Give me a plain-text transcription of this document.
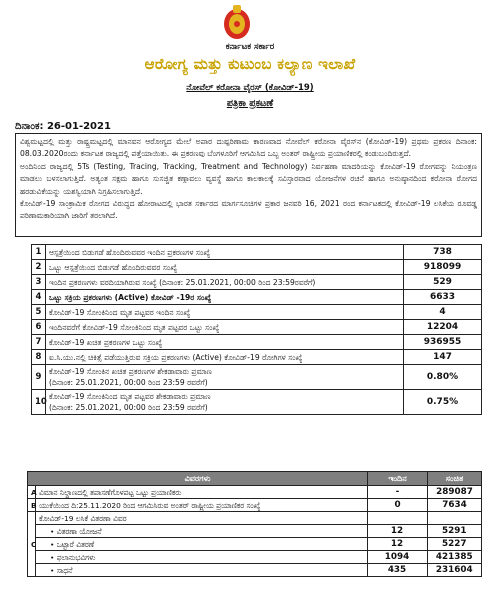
ಕರ್ನಾಟಕ ಸರ್ಕಾರ
ಆರೋಗ್ಯ ಮತ್ತು ಕುಟುಂಬ ಕಲ್ಯಾಣ ಇಲಾಖೆ
ನೋವೆಲ್ ಕರೋನಾ ವೈರಸ್ (ಕೋವಿಡ್-19)
ಪತ್ರಿಕಾ ಪ್ರಕಟಣೆ
ದಿನಾಂಕ: 26-01-2021

ವಿಶ್ವಮಟ್ಟದಲ್ಲಿ ಮತ್ತು ರಾಷ್ಟ್ರಮಟ್ಟದಲ್ಲಿ ಮಾನವನ ಆರೋಗ್ಯದ ಮೇಲೆ ಅಪಾರ ದುಷ್ಪರಿಣಾಮ ಕಾರಣವಾದ ನೋವೆಲ್ ಕರೋನಾ ವೈರಸ್‌ನ (ಕೋವಿಡ್-19) ಪ್ರಥಮ ಪ್ರಕರಣ ದಿನಾಂಕ: 08.03.2020ರಂದು ಕರ್ನಾಟಕ ರಾಜ್ಯದಲ್ಲಿ ಪತ್ತೆಯಾಯಿತು. ಈ ಪ್ರಕರಣವು ಬೆಂಗಳೂರಿಗೆ ಆಗಮಿಸಿದ ಒಬ್ಬ ಅಂತರ್ ರಾಷ್ಟ್ರೀಯ ಪ್ರಯಾಣಿಕರಲ್ಲಿ ಕಂಡುಬಂದಿರುತ್ತದೆ.

ಅಂದಿನಿಂದ ರಾಜ್ಯದಲ್ಲಿ 5Ts (Testing, Tracing, Tracking, Treatment and Technology) ನಿರ್ವಹಣಾ ಮಾದರಿಯನ್ನು ಕೋವಿಡ್-19 ರೋಗವನ್ನು ನಿಯಂತ್ರಣ ಮಾಡಲು ಬಳಸಲಾಗುತ್ತಿದೆ. ಅತ್ಯಂತ ಸಕ್ಷಮ ಹಾಗೂ ಸುಸಜ್ಜಿತ ಕಣ್ಗಾವಲು ವ್ಯವಸ್ಥೆ ಹಾಗೂ ಕಾಲಕಾಲಕ್ಕೆ ಸವಿಸ್ತಾರವಾದ ಯೋಜನೆಗಳ ರಚನೆ ಹಾಗೂ ಅನುಷ್ಠಾನದಿಂದ ಕರೋನಾ ರೋಗದ ಹರಡುವಿಕೆಯನ್ನು ಯಶಸ್ವಿಯಾಗಿ ನಿಗ್ರಹಿಸಲಾಗುತ್ತಿದೆ.

ಕೋವಿಡ್-19 ಸಾಂಕ್ರಾಮಿಕ ರೋಗದ ವಿರುದ್ಧದ ಹೋರಾಟದಲ್ಲಿ ಭಾರತ ಸರ್ಕಾರದ ಮಾರ್ಗಸೂಚಿಗಳ ಪ್ರಕಾರ ಜನವರಿ 16, 2021 ರಂದ ಕರ್ನಾಟಕದಲ್ಲಿ ಕೋವಿಡ್-19 ಲಸಿಕೆಯ ರೂವಡ್ಡ ಪರಿಣಾಮಕಾರಿಯಾಗಿ ಜಾರಿಗೆ ತರಲಾಗಿದೆ.

1	ಆಸ್ಪತ್ರೆಯಿಂದ ಬಿಡುಗಡೆ ಹೊಂದಿರುವವರ ಇಂದಿನ ಪ್ರಕರಣಗಳ ಸಂಖ್ಯೆ	738
2	ಒಟ್ಟು ಆಸ್ಪತ್ರೆಯಿಂದ ಬಿಡುಗಡೆ ಹೊಂದಿರುವವರ ಸಂಖ್ಯೆ	918099
3	ಇಂದಿನ ಪ್ರಕರಣಗಳು ವರದಿಯಾಗಿರುವ ಸಂಖ್ಯೆ (ದಿನಾಂಕ: 25.01.2021, 00:00 ರಿಂದ 23:59ರವರೆಗೆ)	529
4	ಒಟ್ಟು ಸಕ್ರಿಯ ಪ್ರಕರಣಗಳು (Active) ಕೋವಿಡ್ -19ರ ಸಂಖ್ಯೆ	6633
5	ಕೋವಿಡ್-19 ಸೋಂಕಿನಿಂದ ಮೃತ ಪಟ್ಟವರ ಇಂದಿನ ಸಂಖ್ಯೆ	4
6	ಇಂದಿನವರೆಗೆ ಕೋವಿಡ್-19 ಸೋಂಕಿನಿಂದ ಮೃತ ಪಟ್ಟವರ ಒಟ್ಟು ಸಂಖ್ಯೆ	12204
7	ಕೋವಿಡ್-19 ಖಚಿತ ಪ್ರಕರಣಗಳ ಒಟ್ಟು ಸಂಖ್ಯೆ	936955
8	ಐ.ಸಿ.ಯು.ನಲ್ಲಿ ಚಿಕಿತ್ಸೆ ಪಡೆಯುತ್ತಿರುವ ಸಕ್ರಿಯ ಪ್ರಕರಣಗಳು (Active) ಕೋವಿಡ್-19 ರೋಗಿಗಳ ಸಂಖ್ಯೆ	147
9	ಕೋವಿಡ್-19 ಸೋಂಕಿನ ಖಚಿತ ಪ್ರಕರಣಗಳ ಶೇಕಡಾವಾರು ಪ್ರಮಾಣ
(ದಿನಾಂಕ: 25.01.2021, 00:00 ರಿಂದ 23:59 ರವರೆಗೆ)	0.80%
10	ಕೋವಿಡ್-19 ಸೋಂಕಿನಿಂದ ಮೃತ ಪಟ್ಟವರ ಶೇಕಡಾವಾರು ಪ್ರಮಾಣ
(ದಿನಾಂಕ: 25.01.2021, 00:00 ರಿಂದ 23:59 ರವರೆಗೆ)	0.75%
ವಿವರಗಳು	ಇಂದಿನ	ಸಂಚಿತ
A	ವಿಮಾನ ನಿಲ್ದಾಣದಲ್ಲಿ ತಪಾಸಣೆಗೊಳಪಟ್ಟ ಒಟ್ಟು ಪ್ರಯಾಣಿಕರು	-	289087
B	ಯುಕೆಯಿಂದ ದಿ:25.11.2020 ರಿಂದ ಆಗಮಿಸಿರುವ ಅಂತರ್ ರಾಷ್ಟ್ರೀಯ ಪ್ರಯಾಣಿಕರ ಸಂಖ್ಯೆ	0	7634
C	
ಕೋವಿಡ್-19 ಲಸಿಕೆ ವಿತರಣಾ ವಿವರ		
• ವಿತರಣಾ ಯೋಜನೆ	12	5291
• ಒಟ್ಟಾರೆ ವಿತರಣೆ	12	5227
• ಫಲಾನುಭವಿಗಳು	1094	421385
• ಸಾಧನೆ	435	231604
